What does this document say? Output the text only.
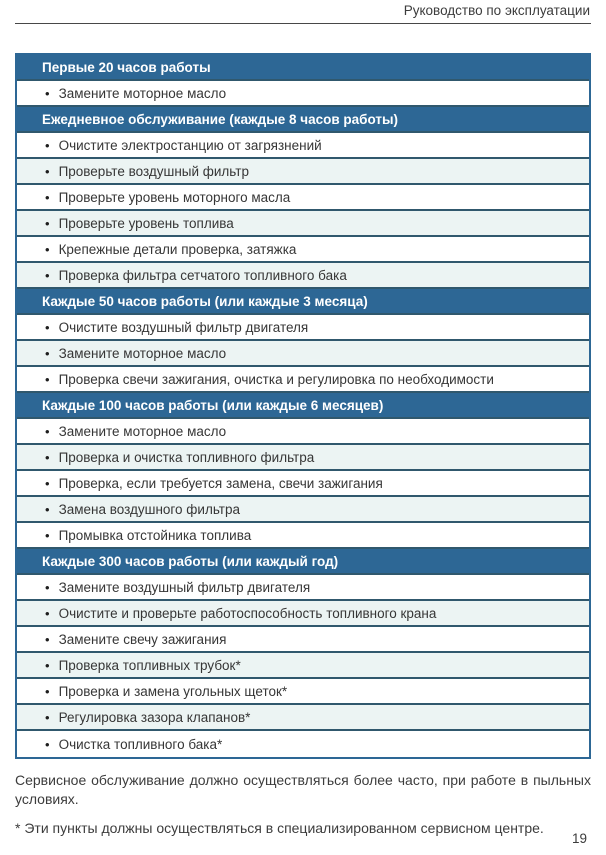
Руководство по эксплуатации
Первые 20 часов работы
• Замените моторное масло
Ежедневное обслуживание (каждые 8 часов работы)
• Очистите электростанцию от загрязнений
• Проверьте воздушный фильтр
• Проверьте уровень моторного масла
• Проверьте уровень топлива
• Крепежные детали проверка, затяжка
• Проверка фильтра сетчатого топливного бака
Каждые 50 часов работы (или каждые 3 месяца)
• Очистите воздушный фильтр двигателя
• Замените моторное масло
• Проверка свечи зажигания, очистка и регулировка по необходимости
Каждые 100 часов работы (или каждые 6 месяцев)
• Замените моторное масло
• Проверка и очистка топливного фильтра
• Проверка, если требуется замена, свечи зажигания
• Замена воздушного фильтра
• Промывка отстойника топлива
Каждые 300 часов работы (или каждый год)
• Замените воздушный фильтр двигателя
• Очистите и проверьте работоспособность топливного крана
• Замените свечу зажигания
• Проверка топливных трубок*
• Проверка и замена угольных щеток*
• Регулировка зазора клапанов*
• Очистка топливного бака*
Сервисное обслуживание должно осуществляться более часто, при работе в пыльных условиях.
* Эти пункты должны осуществляться в специализированном сервисном центре.
19
